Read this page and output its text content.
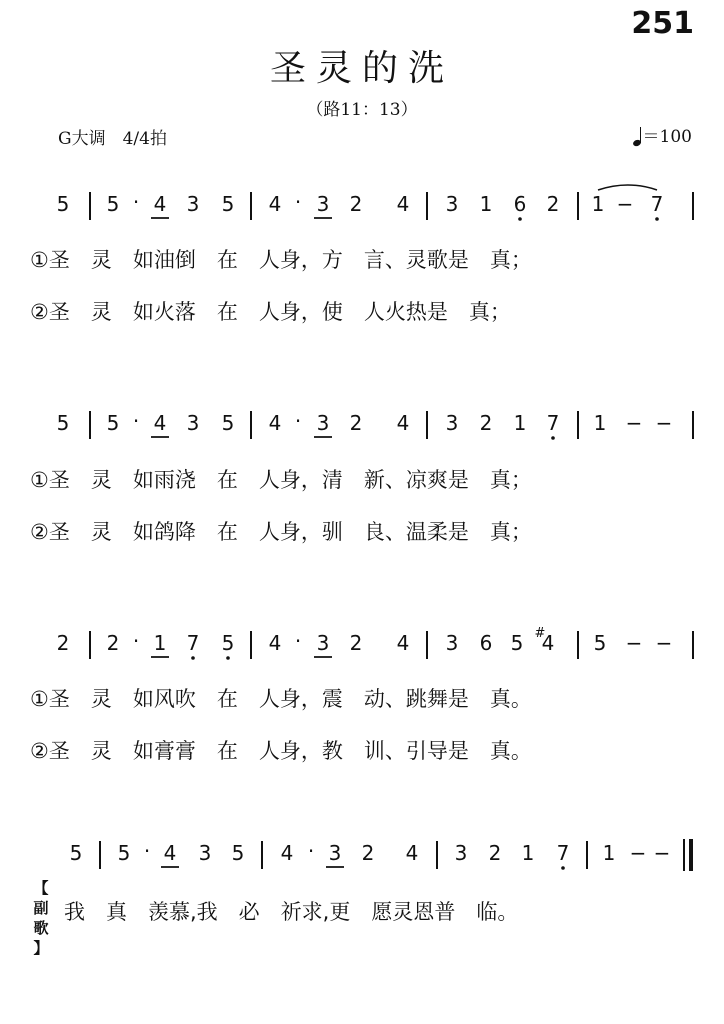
251
圣灵的洗
（路11：13）
G大调　4/4拍	＝100
5 5 · 4 3 5 4 · 3 2 4 3 1 6 2 1 − 7
①圣　灵　如油倒　在　人身，方　言、灵歌是　真；
②圣　灵　如火落　在　人身，使　人火热是　真；
5 5 · 4 3 5 4 · 3 2 4 3 2 1 7 1 − −
①圣　灵　如雨浇　在　人身，清　新、凉爽是　真；
②圣　灵　如鸽降　在　人身，驯　良、温柔是　真；
2 2 · 1 7 5 4 · 3 2 4 3 6 5 #
4 5 − −
①圣　灵　如风吹　在　人身，震　动、跳舞是　真。
②圣　灵　如膏膏　在　人身，教　训、引导是　真。
5 5 · 4 3 5 4 · 3 2 4 3 2 1 7 1 − −
【
副
歌
】
我　真　羡慕,我　必　祈求,更　愿灵恩普　临。
